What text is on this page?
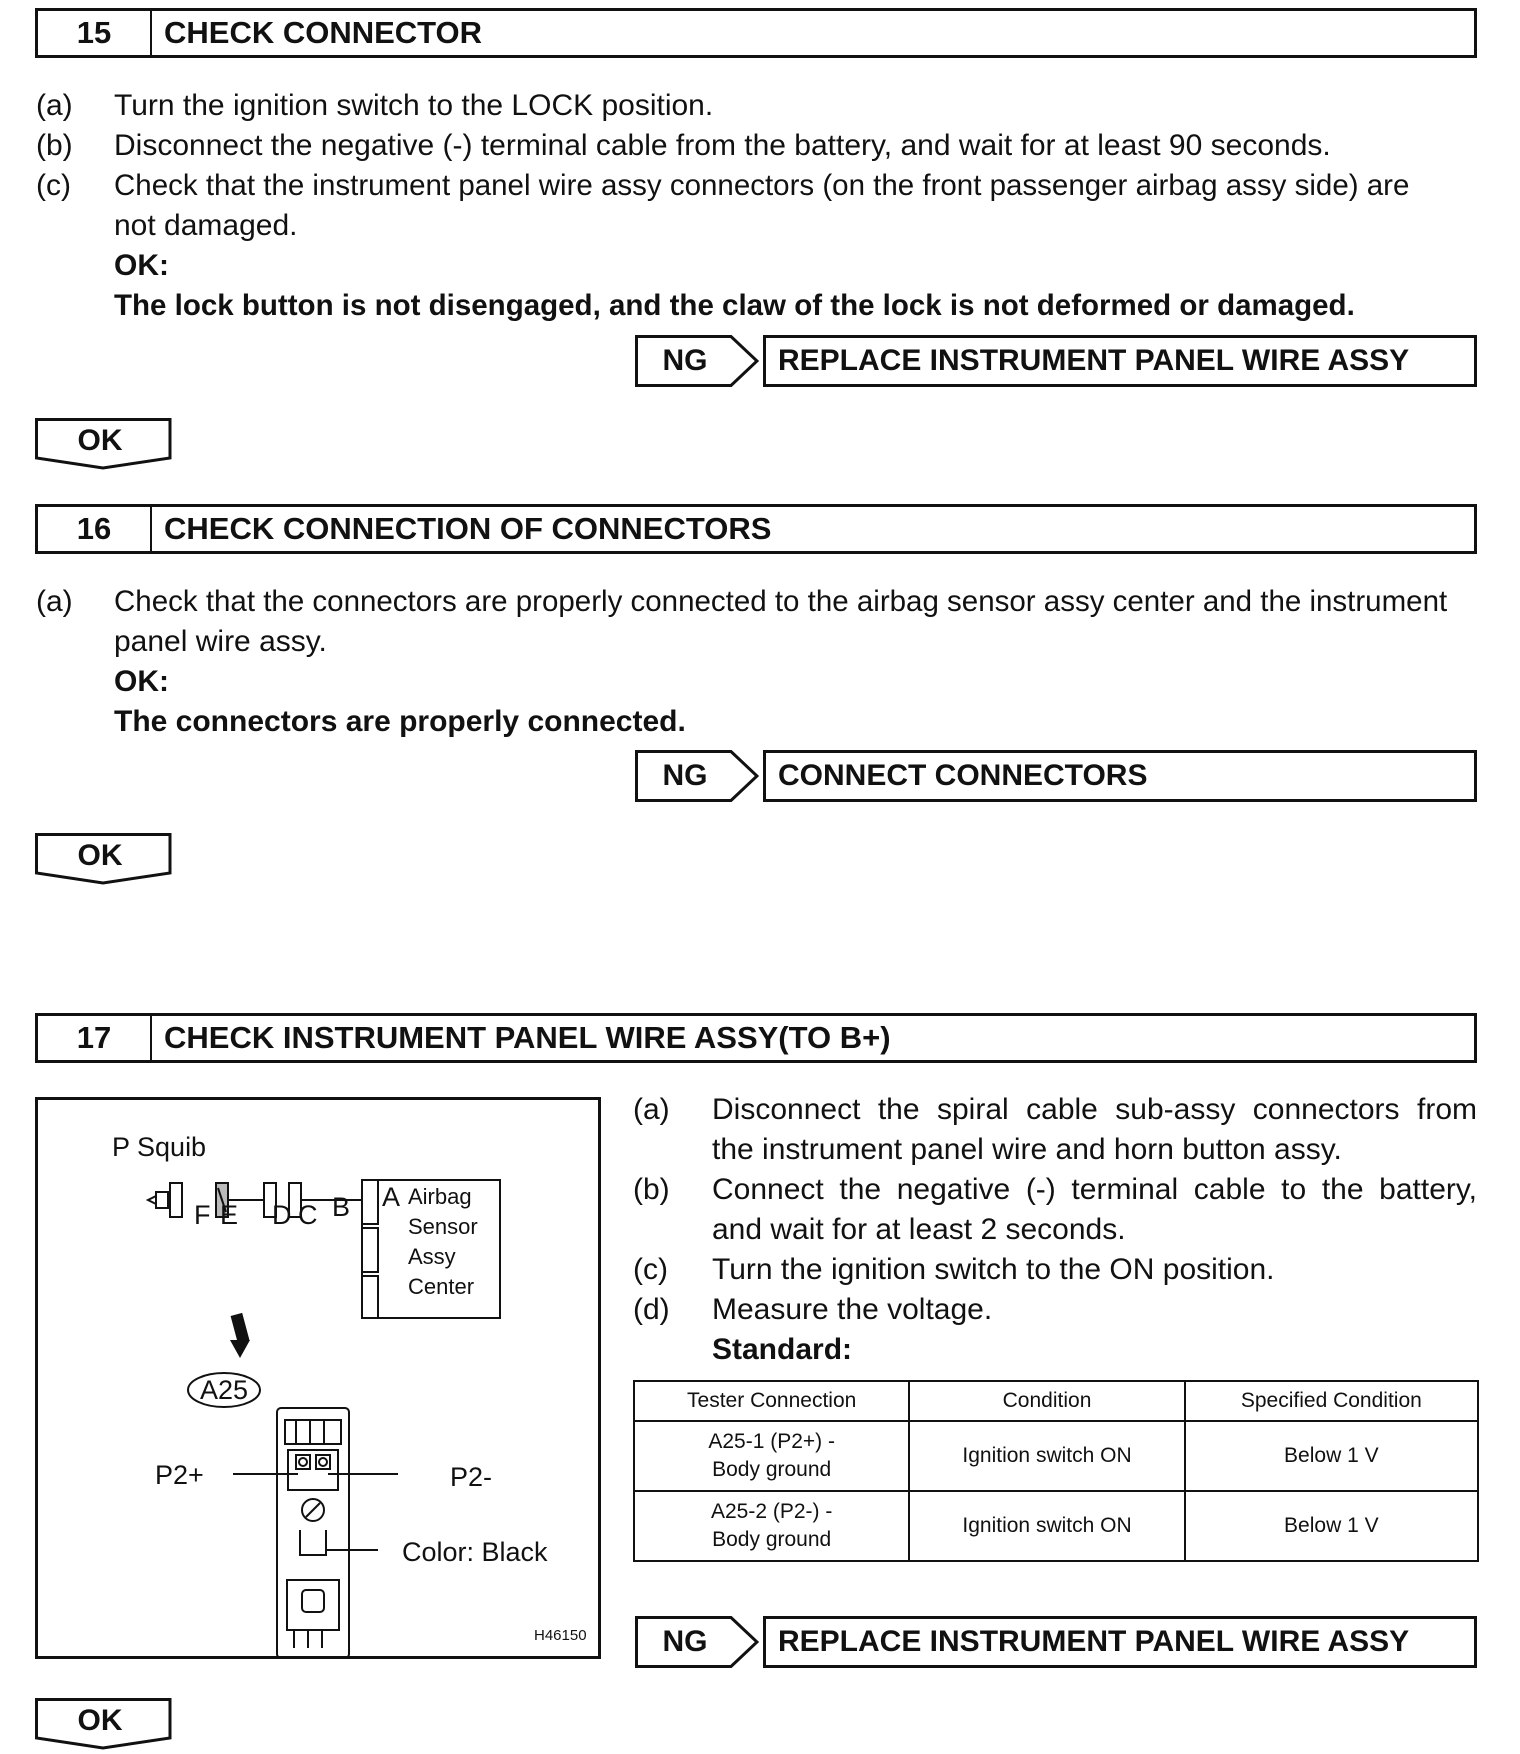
15	CHECK CONNECTOR
(a) Turn the ignition switch to the LOCK position.
(b) Disconnect the negative (-) terminal cable from the battery, and wait for at least 90 seconds.
(c) Check that the instrument panel wire assy connectors (on the front passenger airbag assy side) are
not damaged.
OK:
The lock button is not disengaged, and the claw of the lock is not deformed or damaged.
NG	REPLACE INSTRUMENT PANEL WIRE ASSY
OK
16	CHECK CONNECTION OF CONNECTORS
(a) Check that the connectors are properly connected to the airbag sensor assy center and the instrument
panel wire assy.
OK:
The connectors are properly connected.
NG	CONNECT CONNECTORS
OK
17	CHECK INSTRUMENT PANEL WIRE ASSY(TO B+)
P Squib
F E D C B A Airbag
Sensor
Assy
Center
A25
P2+	P2-
Color: Black
H46150
(a) Disconnect the spiral cable sub-assy connectors from
the instrument panel wire and horn button assy.
(b) Connect the negative (-) terminal cable to the battery,
and wait for at least 2 seconds.
(c) Turn the ignition switch to the ON position.
(d) Measure the voltage.
Standard:
Tester Connection	Condition	Specified Condition

A25-1 (P2+) -
Body ground	Ignition switch ON	Below 1 V

A25-2 (P2-) -
Body ground	Ignition switch ON	Below 1 V
NG	REPLACE INSTRUMENT PANEL WIRE ASSY
OK
